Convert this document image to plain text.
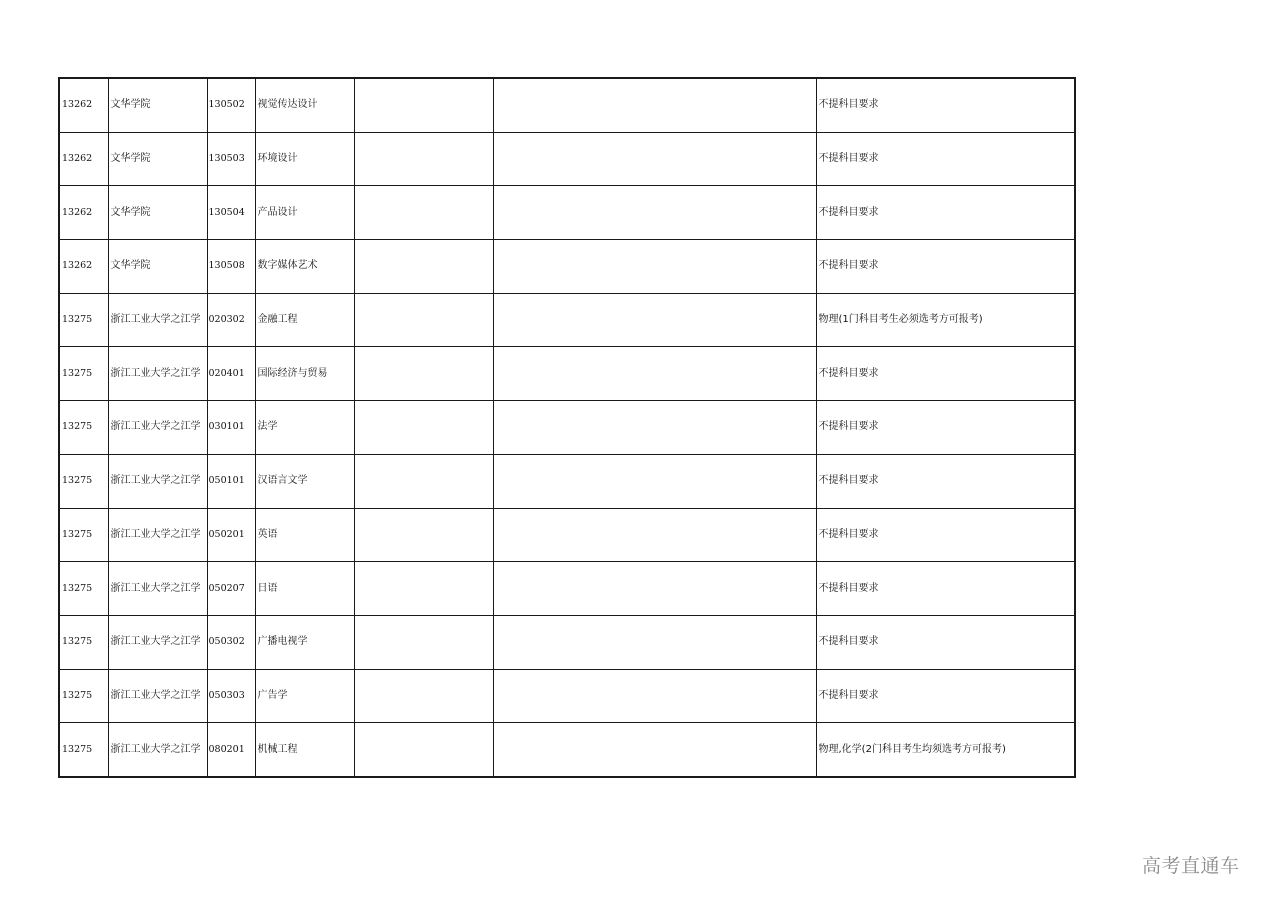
13262	文华学院	130502	视觉传达设计			不提科目要求
13262	文华学院	130503	环境设计			不提科目要求
13262	文华学院	130504	产品设计			不提科目要求
13262	文华学院	130508	数字媒体艺术			不提科目要求
13275	浙江工业大学之江学	020302	金融工程			物理(1门科目考生必须选考方可报考)
13275	浙江工业大学之江学	020401	国际经济与贸易			不提科目要求
13275	浙江工业大学之江学	030101	法学			不提科目要求
13275	浙江工业大学之江学	050101	汉语言文学			不提科目要求
13275	浙江工业大学之江学	050201	英语			不提科目要求
13275	浙江工业大学之江学	050207	日语			不提科目要求
13275	浙江工业大学之江学	050302	广播电视学			不提科目要求
13275	浙江工业大学之江学	050303	广告学			不提科目要求
13275	浙江工业大学之江学	080201	机械工程			物理,化学(2门科目考生均须选考方可报考)
高考直通车
